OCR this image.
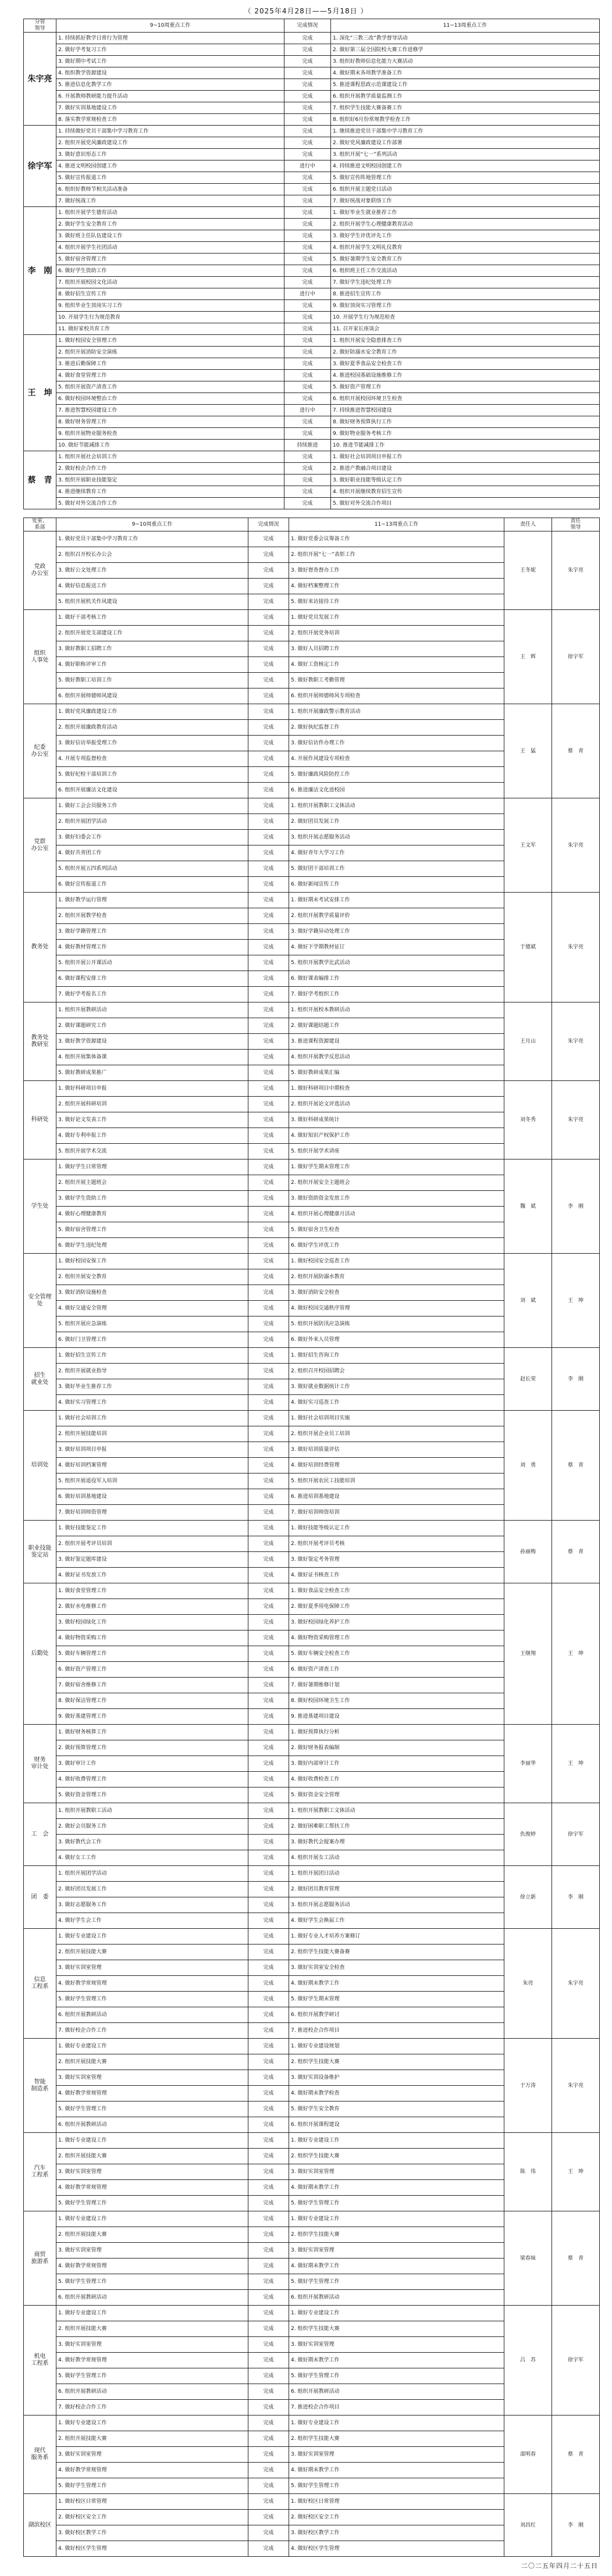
（ 2025年4月28日——5月18日 ）
分管
领导	9~10周重点工作	完成情况	11~13周重点工作
朱宇亮	1. 持续抓好教学日常行为管理	完成	1. 深化“三教三改”教学督导活动
	2. 做好学考复习工作	完成	2. 做好第三届全国院校大赛工作进修学
	3. 做好期中考试工作	完成	3. 组织好教师信息化能力大赛活动
	4. 组织教学资源建设	完成	4. 做好期末各项教学准备工作
	5. 推进信息化教学工作	完成	5. 推进课程思政示范课建设工作
	6. 开展教师教研能力提升活动	完成	6. 组织开展教学质量监测工作
	7. 做好实训基地建设工作	完成	7. 组织学生技能大赛备赛工作
	8. 落实教学常规检查工作	完成	8. 组织好6月份常规教学检查工作
徐宇军	1. 持续做好党员干部集中学习教育工作	完成	1. 继续推进党员干部集中学习教育工作
	2. 组织开展党风廉政建设工作	完成	2. 做好党风廉政建设工作部署
	3. 做好意识形态工作	完成	3. 组织开展“七一”系列活动
	4. 推进文明校园创建工作	进行中	4. 持续推进文明校园创建工作
	5. 做好宣传报道工作	完成	5. 做好宣传阵地管理工作
	6. 组织好教师节相关活动准备	完成	6. 组织开展主题党日活动
	7. 做好统战工作	完成	7. 做好统战对象联络工作
李　刚	1. 组织开展学生德育活动	完成	1. 做好毕业生就业推荐工作
	2. 做好学生安全教育工作	完成	2. 组织开展学生心理健康教育活动
	3. 做好班主任队伍建设工作	完成	3. 做好学生评优评先工作
	4. 组织开展学生社团活动	完成	4. 组织开展学生文明礼仪教育
	5. 做好宿舍管理工作	完成	5. 做好暑期学生安全教育工作
	6. 做好学生资助工作	完成	6. 组织班主任工作交流活动
	7. 组织开展校园文化活动	完成	7. 做好学生违纪处理工作
	8. 做好招生宣传工作	进行中	8. 推进招生宣传工作
	9. 组织毕业生顶岗实习工作	完成	9. 做好顶岗实习管理工作
	10. 开展学生行为规范教育	完成	10. 开展学生行为规范检查
	11. 做好家校共育工作	完成	11. 召开家长座谈会
王　坤	1. 做好校园安全管理工作	完成	1. 组织开展安全隐患排查工作
	2. 组织开展消防安全演练	完成	2. 做好防溺水安全教育工作
	3. 推进后勤保障工作	完成	3. 做好夏季食品安全检查工作
	4. 做好食堂管理工作	完成	4. 推进校园基础设施维修工作
	5. 组织开展资产清查工作	完成	5. 做好资产管理工作
	6. 做好校园环境整治工作	完成	6. 组织开展校园环境卫生检查
	7. 推进智慧校园建设工作	进行中	7. 持续推进智慧校园建设
	8. 做好财务管理工作	完成	8. 做好财务预算执行工作
	9. 组织开展物业服务检查	完成	9. 做好物业服务考核工作
	10. 做好节能减排工作	持续推进	10. 推进节能减排工作
蔡　青	1. 组织开展社会培训工作	完成	1. 做好社会培训项目申报工作
	2. 做好校企合作工作	完成	2. 推进产教融合项目建设
	3. 组织开展职业技能鉴定	完成	3. 做好职业技能等级认定工作
	4. 推进继续教育工作	完成	4. 组织开展继续教育招生宣传
	5. 做好对外交流合作工作	完成	5. 做好对外交流合作项目
处室、
系部	9~10周重点工作	完成情况	11~13周重点工作	责任人	责任
领导
党政
办公室	1. 做好党员干部集中学习教育工作	完成	1. 做好党委会议筹备工作	王冬妮	朱宇亮
	2. 组织召开校长办公会	完成	2. 组织开展“七一”表彰工作		
	3. 做好公文处理工作	完成	3. 做好督查督办工作		
	4. 做好信息报送工作	完成	4. 做好档案整理工作		
	5. 组织开展机关作风建设	完成	5. 做好来访接待工作		
组织
人事处	1. 做好干部考核工作	完成	1. 做好党员发展工作	王　辉	徐宇军
	2. 组织开展党支部建设工作	完成	2. 组织开展党务培训		
	3. 做好教职工招聘工作	完成	3. 做好人员招聘工作		
	4. 做好职称评审工作	完成	4. 做好工资核定工作		
	5. 做好教职工培训工作	完成	5. 做好教职工考勤管理		
	6. 组织开展师德师风建设	完成	6. 组织开展师德师风专项检查		
纪委
办公室	1. 做好党风廉政建设工作	完成	1. 组织开展廉政警示教育活动	王　猛	蔡　青
	2. 组织开展廉政教育活动	完成	2. 做好执纪监督工作		
	3. 做好信访举报受理工作	完成	3. 做好信访件办理工作		
	4. 开展专项监督检查	完成	4. 开展作风建设专项检查		
	5. 做好纪检干部培训工作	完成	5. 做好廉政风险防控工作		
	6. 组织开展廉洁文化建设	完成	6. 推进廉洁文化进校园		
党群
办公室	1. 做好工会会员服务工作	完成	1. 组织开展教职工文体活动	王文军	朱宇亮
	2. 组织开展团学活动	完成	2. 做好团员发展工作		
	3. 做好妇委会工作	完成	3. 组织开展志愿服务活动		
	4. 做好共青团工作	完成	4. 做好青年大学习工作		
	5. 组织开展五四系列活动	完成	5. 做好团干部培训工作		
	6. 做好宣传报道工作	完成	6. 做好新闻宣传工作		
教务处	1. 做好教学运行管理	完成	1. 做好期末考试安排工作	于德斌	朱宇亮
	2. 组织开展教学检查	完成	2. 组织开展教学质量评价		
	3. 做好学籍管理工作	完成	3. 做好学籍异动处理工作		
	4. 做好教材管理工作	完成	4. 做好下学期教材征订		
	5. 组织开展公开课活动	完成	5. 组织开展教学比武活动		
	6. 做好课程安排工作	完成	6. 做好课表编排工作		
	7. 做好学考报名工作	完成	7. 做好学考组织工作		
教务处
教研室	1. 组织开展教研活动	完成	1. 组织开展校本教研活动	王月山	朱宇亮
	2. 做好课题研究工作	完成	2. 做好课题结题工作		
	3. 做好教学资源建设	完成	3. 推进课程资源建设		
	4. 组织开展集体备课	完成	4. 组织开展教学反思活动		
	5. 做好教研成果推广	完成	5. 做好教研成果汇编		
科研处	1. 做好科研项目申报	完成	1. 做好科研项目中期检查	刘冬秀	朱宇亮
	2. 组织开展科研培训	完成	2. 组织开展论文评选活动		
	3. 做好论文发表工作	完成	3. 做好科研成果统计		
	4. 做好专利申报工作	完成	4. 做好知识产权保护工作		
	5. 组织开展学术交流	完成	5. 组织开展学术讲座		
学生处	1. 做好学生日常管理	完成	1. 做好学生期末管理工作	魏　斌	李　刚
	2. 组织开展主题班会	完成	2. 组织开展安全主题班会		
	3. 做好学生资助工作	完成	3. 做好资助资金发放工作		
	4. 做好心理健康教育	完成	4. 组织开展心理健康月活动		
	5. 做好宿舍管理工作	完成	5. 做好宿舍卫生检查		
	6. 做好学生违纪处理	完成	6. 做好学生评优工作		
安全管理处	1. 做好校园安保工作	完成	1. 做好校园安全巡查工作	刘　斌	王　坤
	2. 组织开展安全教育	完成	2. 组织开展防溺水教育		
	3. 做好消防设施检查	完成	3. 做好消防安全检查		
	4. 做好交通安全管理	完成	4. 做好校园交通秩序管理		
	5. 组织开展应急演练	完成	5. 组织开展防汛应急演练		
	6. 做好门卫管理工作	完成	6. 做好外来人员管理		
招生
就业处	1. 做好招生宣传工作	完成	1. 做好招生咨询工作	赵长荣	李　刚
	2. 组织开展就业指导	完成	2. 组织召开校园招聘会		
	3. 做好毕业生推荐工作	完成	3. 做好就业数据统计工作		
	4. 做好实习管理工作	完成	4. 做好实习巡查工作		
培训处	1. 做好社会培训工作	完成	1. 做好社会培训项目实施	刘　勇	蔡　青
	2. 组织开展技能培训	完成	2. 组织开展企业员工培训		
	3. 做好培训项目申报	完成	3. 做好培训质量评估		
	4. 做好培训档案管理	完成	4. 做好培训经费管理		
	5. 组织开展退役军人培训	完成	5. 组织开展农民工技能培训		
	6. 做好培训基地建设	完成	6. 推进培训基地建设		
	7. 做好培训师资管理	完成	7. 做好培训师资培训		
职业技能
鉴定站	1. 做好技能鉴定工作	完成	1. 做好技能等级认定工作	孙丽梅	蔡　青
	2. 组织开展考评员培训	完成	2. 组织开展考评员考核		
	3. 做好鉴定题库建设	完成	3. 做好鉴定考务管理		
	4. 做好证书发放工作	完成	4. 做好证书核查工作		
后勤处	1. 做好食堂管理工作	完成	1. 做好食品安全检查工作	王继翔	王　坤
	2. 做好水电维修工作	完成	2. 做好夏季用电保障工作		
	3. 做好校园绿化工作	完成	3. 做好校园绿化养护工作		
	4. 做好物资采购工作	完成	4. 做好物资采购管理工作		
	5. 做好车辆管理工作	完成	5. 做好车辆安全检查工作		
	6. 做好资产管理工作	完成	6. 做好资产清查工作		
	7. 做好宿舍维修工作	完成	7. 做好暑期维修计划		
	8. 做好保洁管理工作	完成	8. 做好校园环境卫生工作		
	9. 做好基建管理工作	完成	9. 推进基建项目建设		
财务
审计处	1. 做好财务核算工作	完成	1. 做好预算执行分析	李丽华	王　坤
	2. 做好预算管理工作	完成	2. 做好财务报表编制		
	3. 做好审计工作	完成	3. 做好内部审计工作		
	4. 做好收费管理工作	完成	4. 做好收费检查工作		
	5. 做好资金管理工作	完成	5. 做好资金安全管理		
工　会	1. 组织开展教职工活动	完成	1. 组织开展教职工文体活动	仇俊婷	徐宇军
	2. 做好会员服务工作	完成	2. 做好困难职工帮扶工作		
	3. 做好教代会工作	完成	3. 做好教代会提案办理		
	4. 做好女工工作	完成	4. 组织开展女工活动		
团　委	1. 组织开展团学活动	完成	1. 组织开展团日活动	徐立新	李　刚
	2. 做好团员发展工作	完成	2. 做好团员教育管理		
	3. 做好志愿服务工作	完成	3. 组织开展志愿服务活动		
	4. 做好学生会工作	完成	4. 做好学生会换届工作		
信息
工程系	1. 做好专业建设工作	完成	1. 做好专业人才培养方案修订	朱亮	朱宇亮
	2. 组织开展技能大赛	完成	2. 组织学生技能大赛备赛		
	3. 做好实训室管理	完成	3. 做好实训室安全检查		
	4. 做好教学常规管理	完成	4. 做好期末教学工作		
	5. 做好学生管理工作	完成	5. 做好学生期末管理		
	6. 组织开展教研活动	完成	6. 组织开展教学研讨		
	7. 做好校企合作工作	完成	7. 推进校企合作项目		
智能
制造系	1. 做好专业建设工作	完成	1. 做好专业建设规划	于万涛	朱宇亮
	2. 组织开展技能大赛	完成	2. 组织学生技能大赛		
	3. 做好实训室管理	完成	3. 做好实训设备维护		
	4. 做好教学常规管理	完成	4. 做好期末教学检查		
	5. 做好学生管理工作	完成	5. 做好学生安全教育		
	6. 组织开展教研活动	完成	6. 组织开展课程建设		
汽车
工程系	1. 做好专业建设工作	完成	1. 做好专业建设工作	陈　伟	王　坤
	2. 组织开展技能大赛	完成	2. 组织学生技能大赛		
	3. 做好实训室管理	完成	3. 做好实训室管理		
	4. 做好教学常规管理	完成	4. 做好期末教学工作		
	5. 做好学生管理工作	完成	5. 做好学生管理工作		
商贸
旅游系	1. 做好专业建设工作	完成	1. 做好专业建设工作	梁春妹	蔡　青
	2. 组织开展技能大赛	完成	2. 组织学生技能大赛		
	3. 做好实训室管理	完成	3. 做好实训室管理		
	4. 做好教学常规管理	完成	4. 做好期末教学工作		
	5. 做好学生管理工作	完成	5. 做好学生管理工作		
	6. 组织开展教研活动	完成	6. 组织开展教研活动		
机电
工程系	1. 做好专业建设工作	完成	1. 做好专业建设工作	吕　苏	徐宇军
	2. 组织开展技能大赛	完成	2. 组织学生技能大赛		
	3. 做好实训室管理	完成	3. 做好实训室管理		
	4. 做好教学常规管理	完成	4. 做好期末教学工作		
	5. 做好学生管理工作	完成	5. 做好学生管理工作		
	6. 组织开展教研活动	完成	6. 组织开展教研活动		
	7. 做好校企合作工作	完成	7. 推进校企合作项目		
现代
服务系	1. 做好专业建设工作	完成	1. 做好专业建设工作	邵明春	蔡　青
	2. 组织开展技能大赛	完成	2. 组织学生技能大赛		
	3. 做好实训室管理	完成	3. 做好实训室管理		
	4. 做好教学常规管理	完成	4. 做好期末教学工作		
	5. 做好学生管理工作	完成	5. 做好学生管理工作		
湖滨校区	1. 做好校区日常管理	完成	1. 做好校区日常管理	刘昌红	李　刚
	2. 做好校区安全工作	完成	2. 做好校区安全工作		
	3. 做好校区教学工作	完成	3. 做好校区教学工作		
	4. 做好校区学生管理	完成	4. 做好校区学生管理		
二〇二五年四月二十五日
